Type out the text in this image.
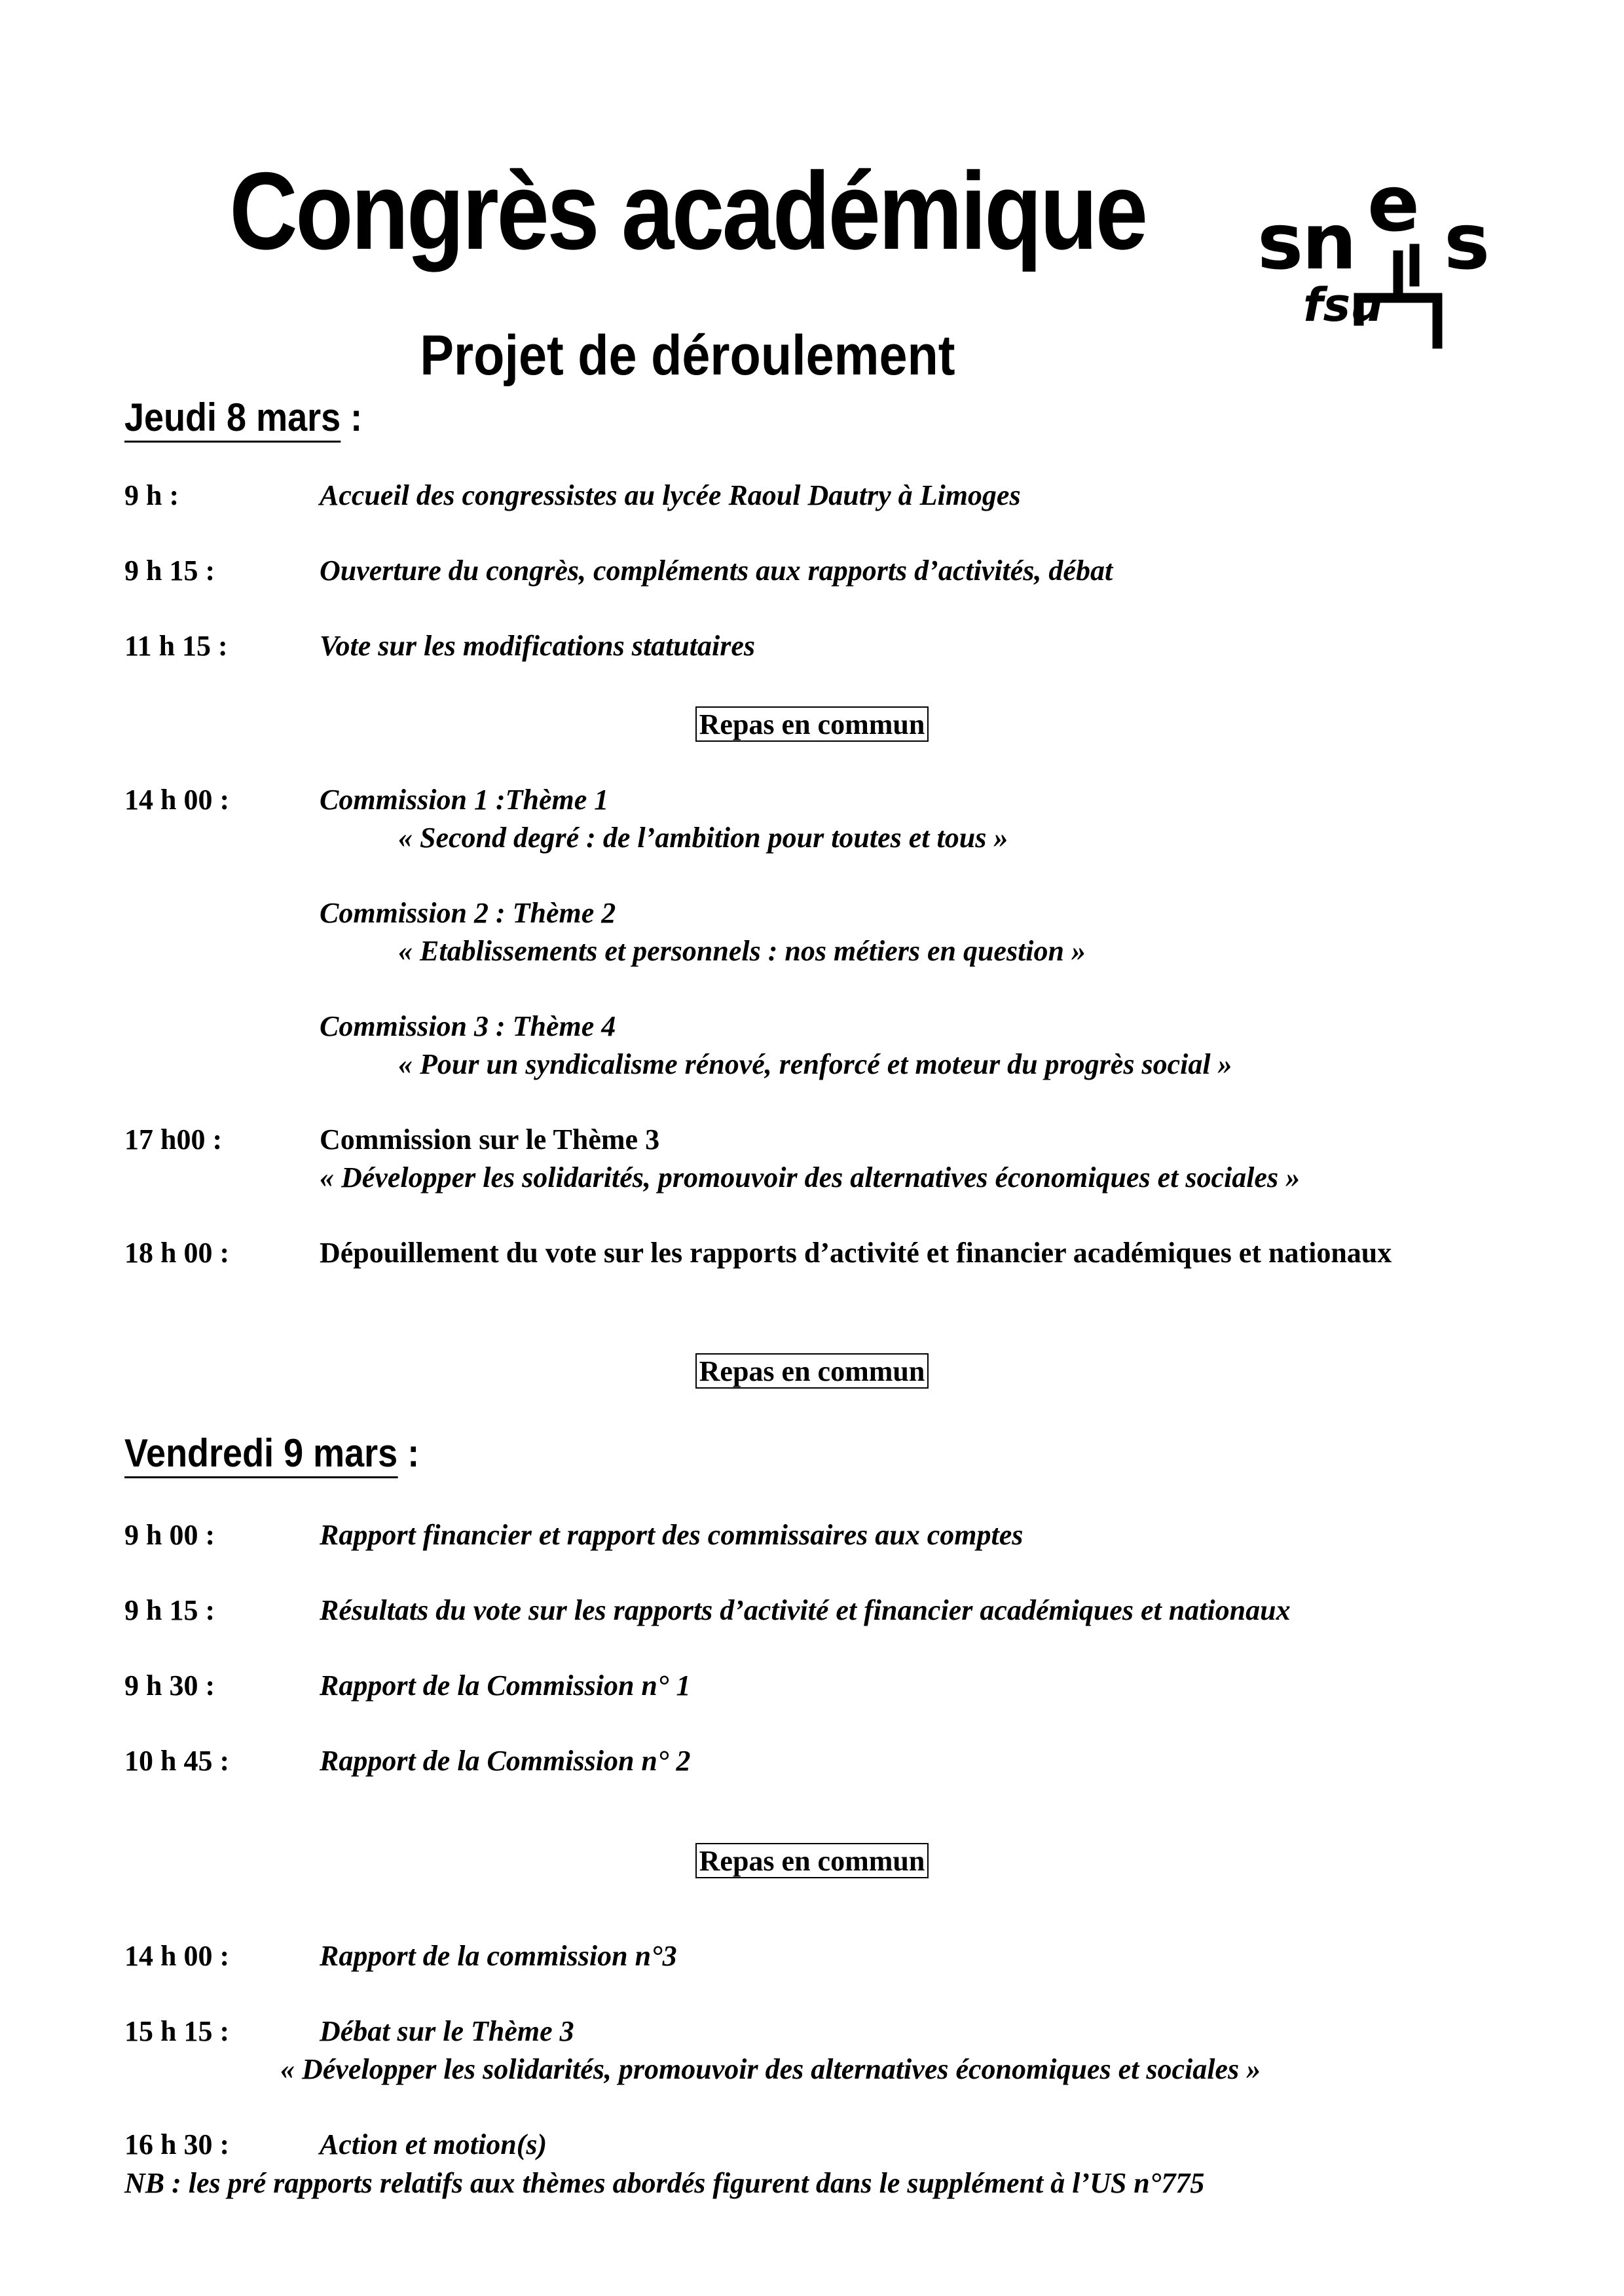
Congrès académique	s n e s
fsu
Projet de déroulement
Jeudi 8 mars :
9 h :	Accueil des congressistes au lycée Raoul Dautry à Limoges
9 h 15 :	Ouverture du congrès, compléments aux rapports d’activités, débat
11 h 15 :	Vote sur les modifications statutaires
Repas en commun
14 h 00 :	Commission 1 :Thème 1
« Second degré : de l’ambition pour toutes et tous »
Commission 2 : Thème 2
« Etablissements et personnels : nos métiers en question »
Commission 3 : Thème 4
« Pour un syndicalisme rénové, renforcé et moteur du progrès social »
17 h00 :	Commission sur le Thème 3
« Développer les solidarités, promouvoir des alternatives économiques et sociales »
18 h 00 :	Dépouillement du vote sur les rapports d’activité et financier académiques et nationaux
Repas en commun
Vendredi 9 mars :
9 h 00 :	Rapport financier et rapport des commissaires aux comptes
9 h 15 :	Résultats du vote sur les rapports d’activité et financier académiques et nationaux
9 h 30 :	Rapport de la Commission n° 1
10 h 45 :	Rapport de la Commission n° 2
Repas en commun
14 h 00 :	Rapport de la commission n°3
15 h 15 :	Débat sur le Thème 3
« Développer les solidarités, promouvoir des alternatives économiques et sociales »
16 h 30 :	Action et motion(s)
NB : les pré rapports relatifs aux thèmes abordés figurent dans le supplément à l’US n°775
